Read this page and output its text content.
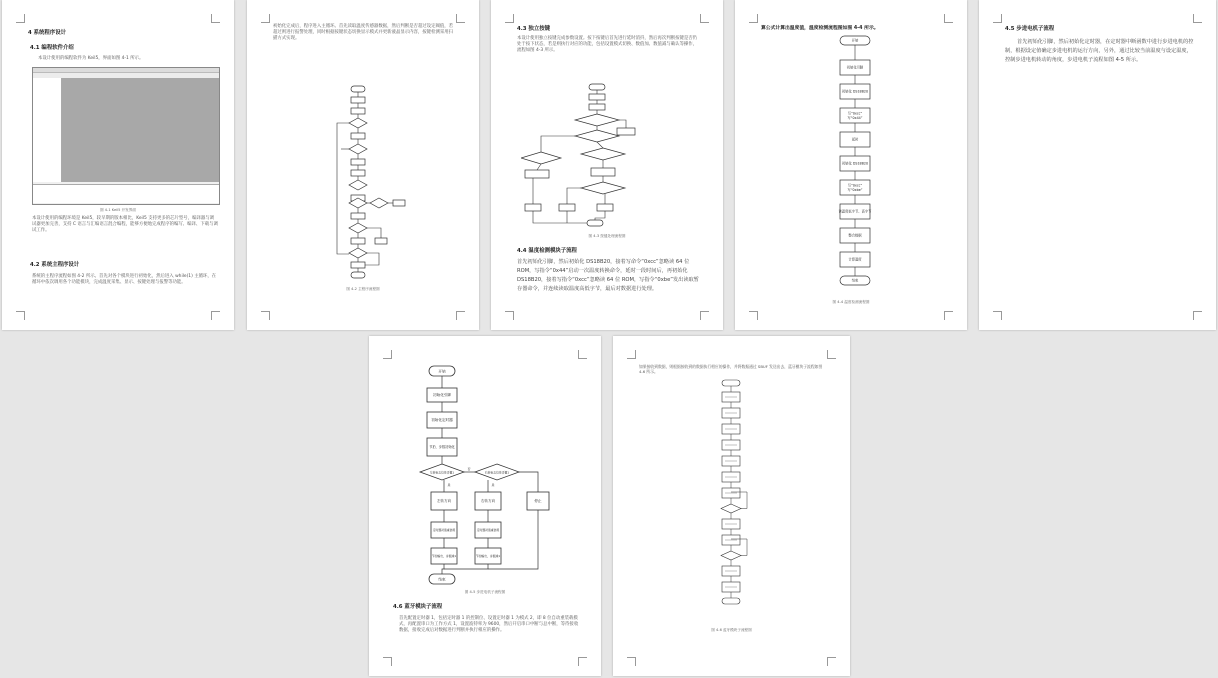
4 系统程序设计
4.1 编程软件介绍
本设计使用的编程软件为 Keil5，界面如图 4-1 所示。
图 4-1 Keil5 开发界面
本设计使用的编程环境是 Keil5，较早期的版本相比，Keil5 支持更多的芯片型号，编译器与调试器更加完善，支持 C 语言与汇编语言混合编程，能够方便地完成程序的编写、编译、下载与调试工作。
4.2 系统主程序设计
系统的主程序流程如图 4-2 所示。首先对各个模块进行初始化，然后进入 while(1) 主循环，在循环中依次调用各个功能模块，完成温度采集、显示、按键处理与报警等功能。
初始化完成后，程序进入主循环。首先读取温度传感器数据，然后判断是否超过设定阈值，若超过则进行报警处理，同时根据按键状态切换显示模式并更新液晶显示内容，按键检测采用扫描方式实现。
图 4-2 主程序流程图
4.3 独立按键
本设计使用独立按键完成参数设置。按下按键后首先进行延时消抖，然后再次判断按键是否仍处于按下状态，若是则执行对应的功能，包括设置模式切换、数值加、数值减与确认等操作，流程如图 4-3 所示。
图 4-3 按键处理流程图
4.4 温度检测模块子流程
首先初始化引脚，然后初始化 DS18B20，接着写命令“0xcc”忽略读 64 位 ROM，写指令“0x44”启动一次温度转换命令，延时一段时间后，再初始化 DS18B20，接着写指令“0xcc”忽略读 64 位 ROM，写指令“0xbe”发出读取暂存器命令，并连续读取温度高低字节，最后对数据进行处理。
算公式计算出温度值，温度检测流程图如图 4-4 所示。
开始
初始化引脚
初始化 DS18B20
写“0xcc”
写“0x44”
延时
初始化 DS18B20
写“0xcc”
写“0xbe”
读温度低字节、高字节
整合数据
计算温度
结束
图 4-4 温度检测流程图
4.5 步进电机子流程
首先初始化引脚，然后初始化定时器，在定时器中断函数中进行步进电机的控制，根据设定值确定步进电机的运行方向，另外，通过比较当前温度与设定温度，控制步进电机转动的角度，步进电机子流程如图 4-5 所示。
开始
初始化引脚
初始化定时器
节拍、步数初始化
左转标志位是否置1	右转标志位是否置1
否
是	是
左转方向	右转方向	停止
定时器初值重装载	定时器初值重装载
节拍输出，步数减1	节拍输出，步数减1
结束
图 4-5 步进电机子流程图
4.6 蓝牙模块子流程
首先配置定时器 1，包括定时器 1 的控制位、设置定时器 1 为模式 2，即 8 位自动重装载模式，再配置串口为工作方式 1，设置波特率为 9600，然后开启串口中断与总中断，等待接收数据，接收完成后对数据进行判断并执行相应的操作。
如果接收到数据，则根据接收到的数据执行相应的操作，并将数据通过 SBUF 发送出去，蓝牙模块子流程如图 4-6 所示。
图 4-6 蓝牙模块子流程图
